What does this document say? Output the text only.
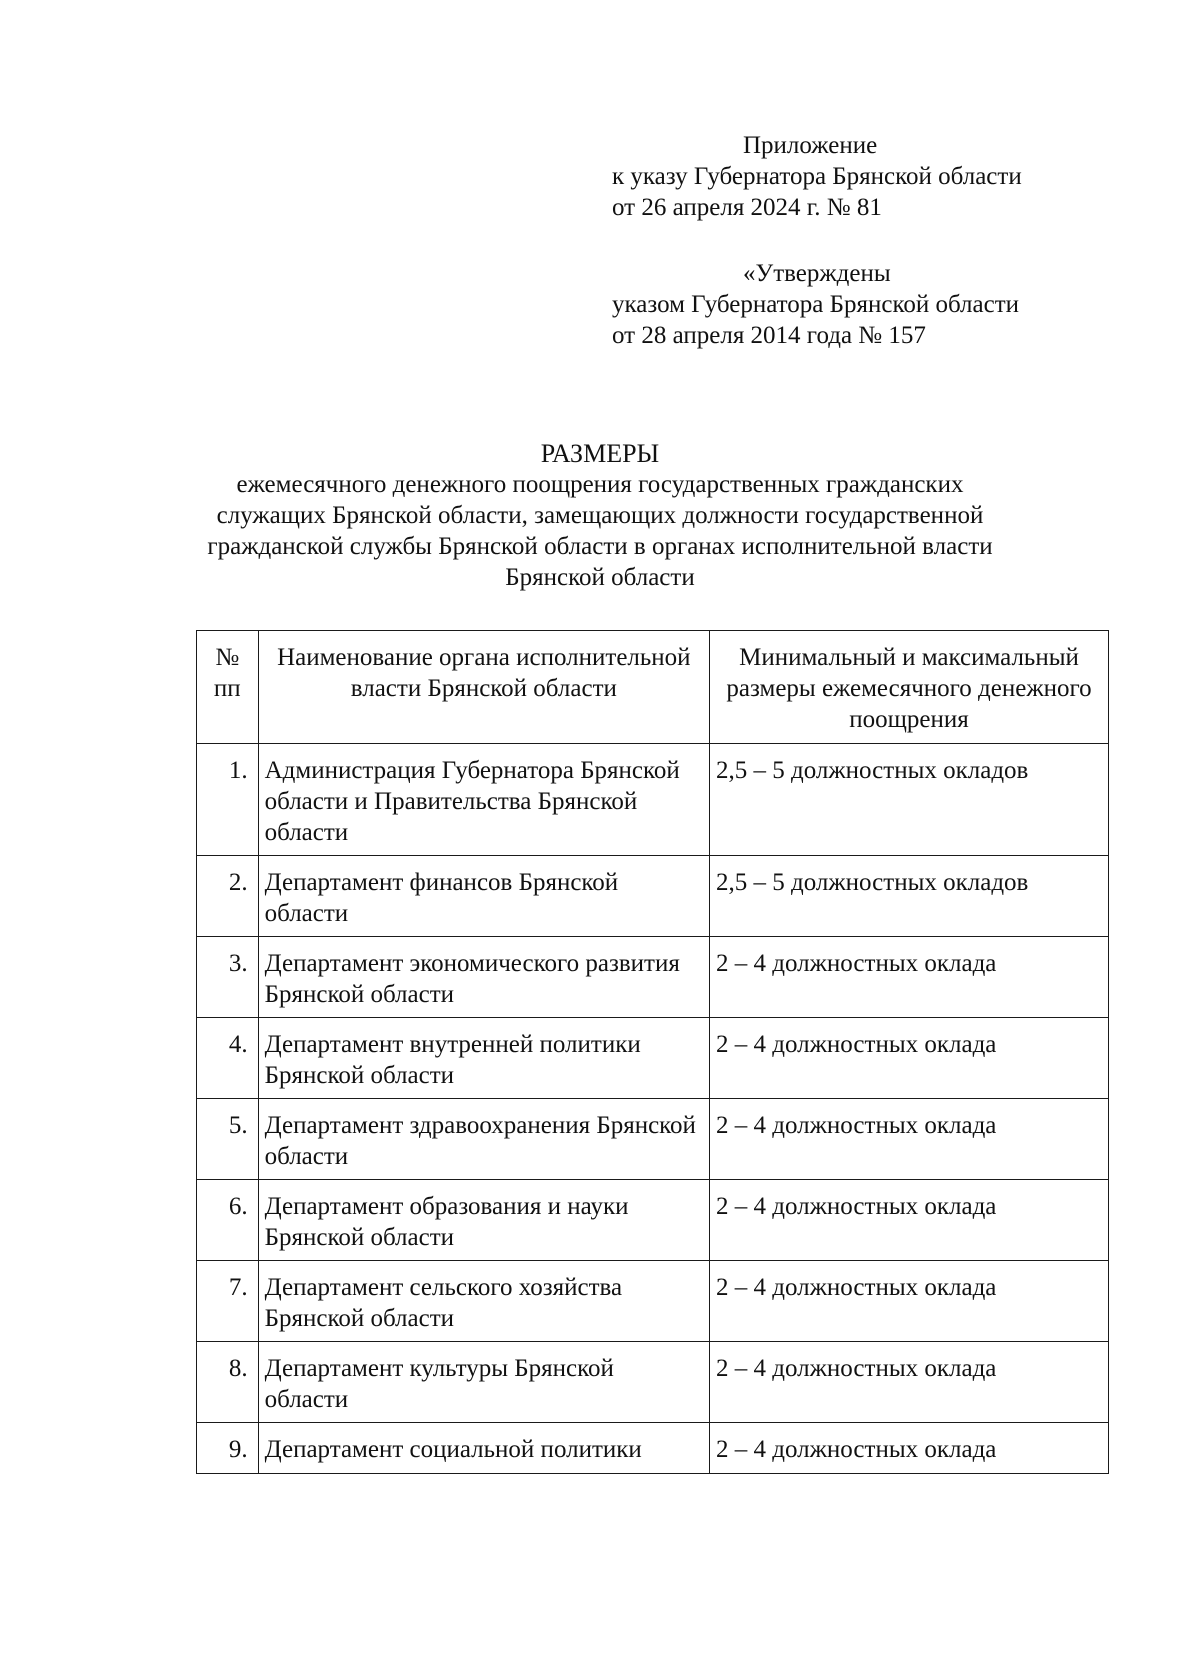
Приложение
к указу Губернатора Брянской области
от 26 апреля 2024 г. № 81
«Утверждены
указом Губернатора Брянской области
от 28 апреля 2014 года № 157
РАЗМЕРЫ
ежемесячного денежного поощрения государственных гражданских
служащих Брянской области, замещающих должности государственной
гражданской службы Брянской области в органах исполнительной власти
Брянской области
№ пп	Наименование органа исполнительной власти Брянской области	Минимальный и максимальный размеры ежемесячного денежного поощрения
1.	Администрация Губернатора Брянской области и Правительства Брянской области	2,5 – 5 должностных окладов
2.	Департамент финансов Брянской области	2,5 – 5 должностных окладов
3.	Департамент экономического развития Брянской области	2 – 4 должностных оклада
4.	Департамент внутренней политики Брянской области	2 – 4 должностных оклада
5.	Департамент здравоохранения Брянской области	2 – 4 должностных оклада
6.	Департамент образования и науки Брянской области	2 – 4 должностных оклада
7.	Департамент сельского хозяйства Брянской области	2 – 4 должностных оклада
8.	Департамент культуры Брянской области	2 – 4 должностных оклада
9.	Департамент социальной политики	2 – 4 должностных оклада
